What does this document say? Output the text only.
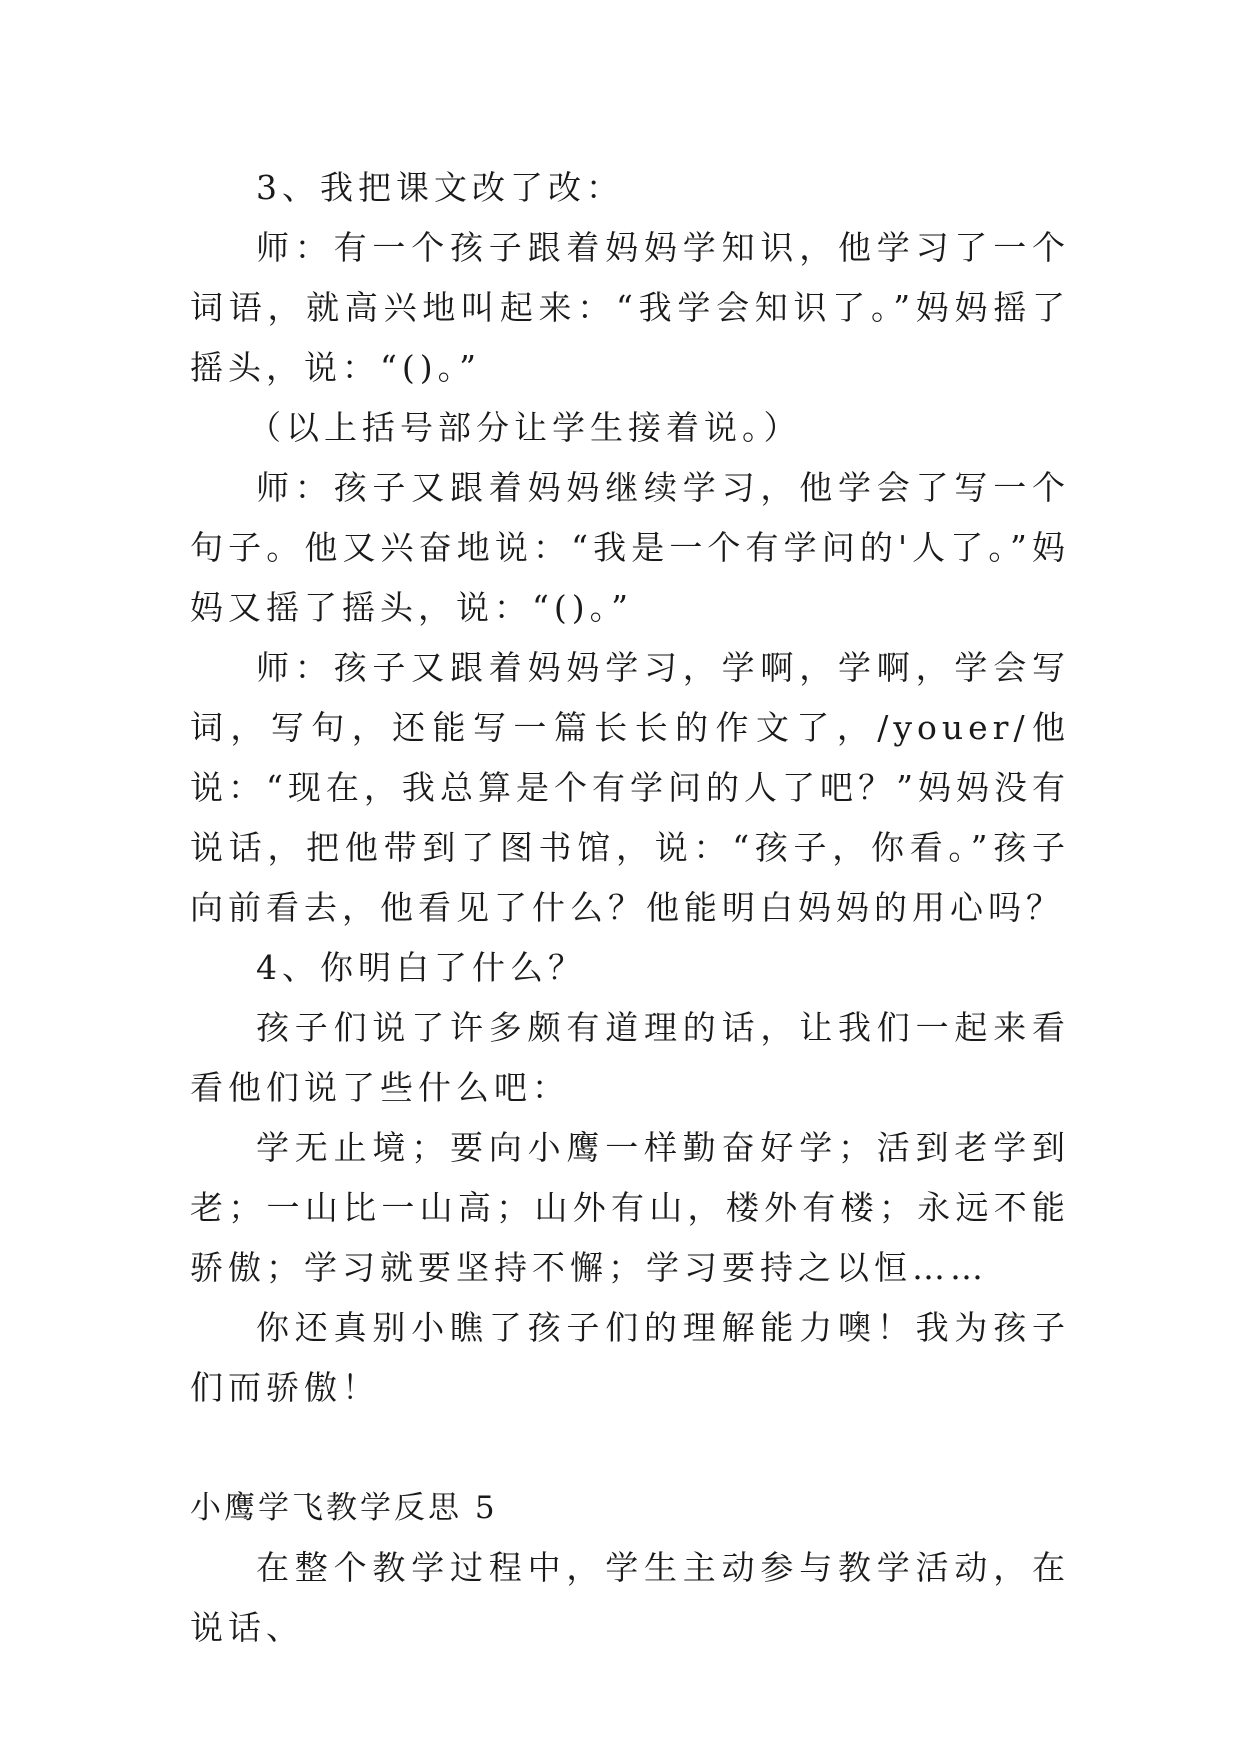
3、我把课文改了改：

师：有一个孩子跟着妈妈学知识，他学习了一个词语，就高兴地叫起来：“我学会知识了。”妈妈摇了摇头，说：“()。”

（以上括号部分让学生接着说。）

师：孩子又跟着妈妈继续学习，他学会了写一个句子。他又兴奋地说：“我是一个有学问的'人了。”妈妈又摇了摇头，说：“()。”

师：孩子又跟着妈妈学习，学啊，学啊，学会写词，写句，还能写一篇长长的作文了，/youer/他说：“现在，我总算是个有学问的人了吧？”妈妈没有说话，把他带到了图书馆，说：“孩子，你看。”孩子向前看去，他看见了什么？他能明白妈妈的用心吗？

4、你明白了什么？

孩子们说了许多颇有道理的话，让我们一起来看看他们说了些什么吧：

学无止境；要向小鹰一样勤奋好学；活到老学到老；一山比一山高；山外有山，楼外有楼；永远不能骄傲；学习就要坚持不懈；学习要持之以恒……

你还真别小瞧了孩子们的理解能力噢！我为孩子们而骄傲！

小鹰学飞教学反思 5

在整个教学过程中，学生主动参与教学活动，在说话、
